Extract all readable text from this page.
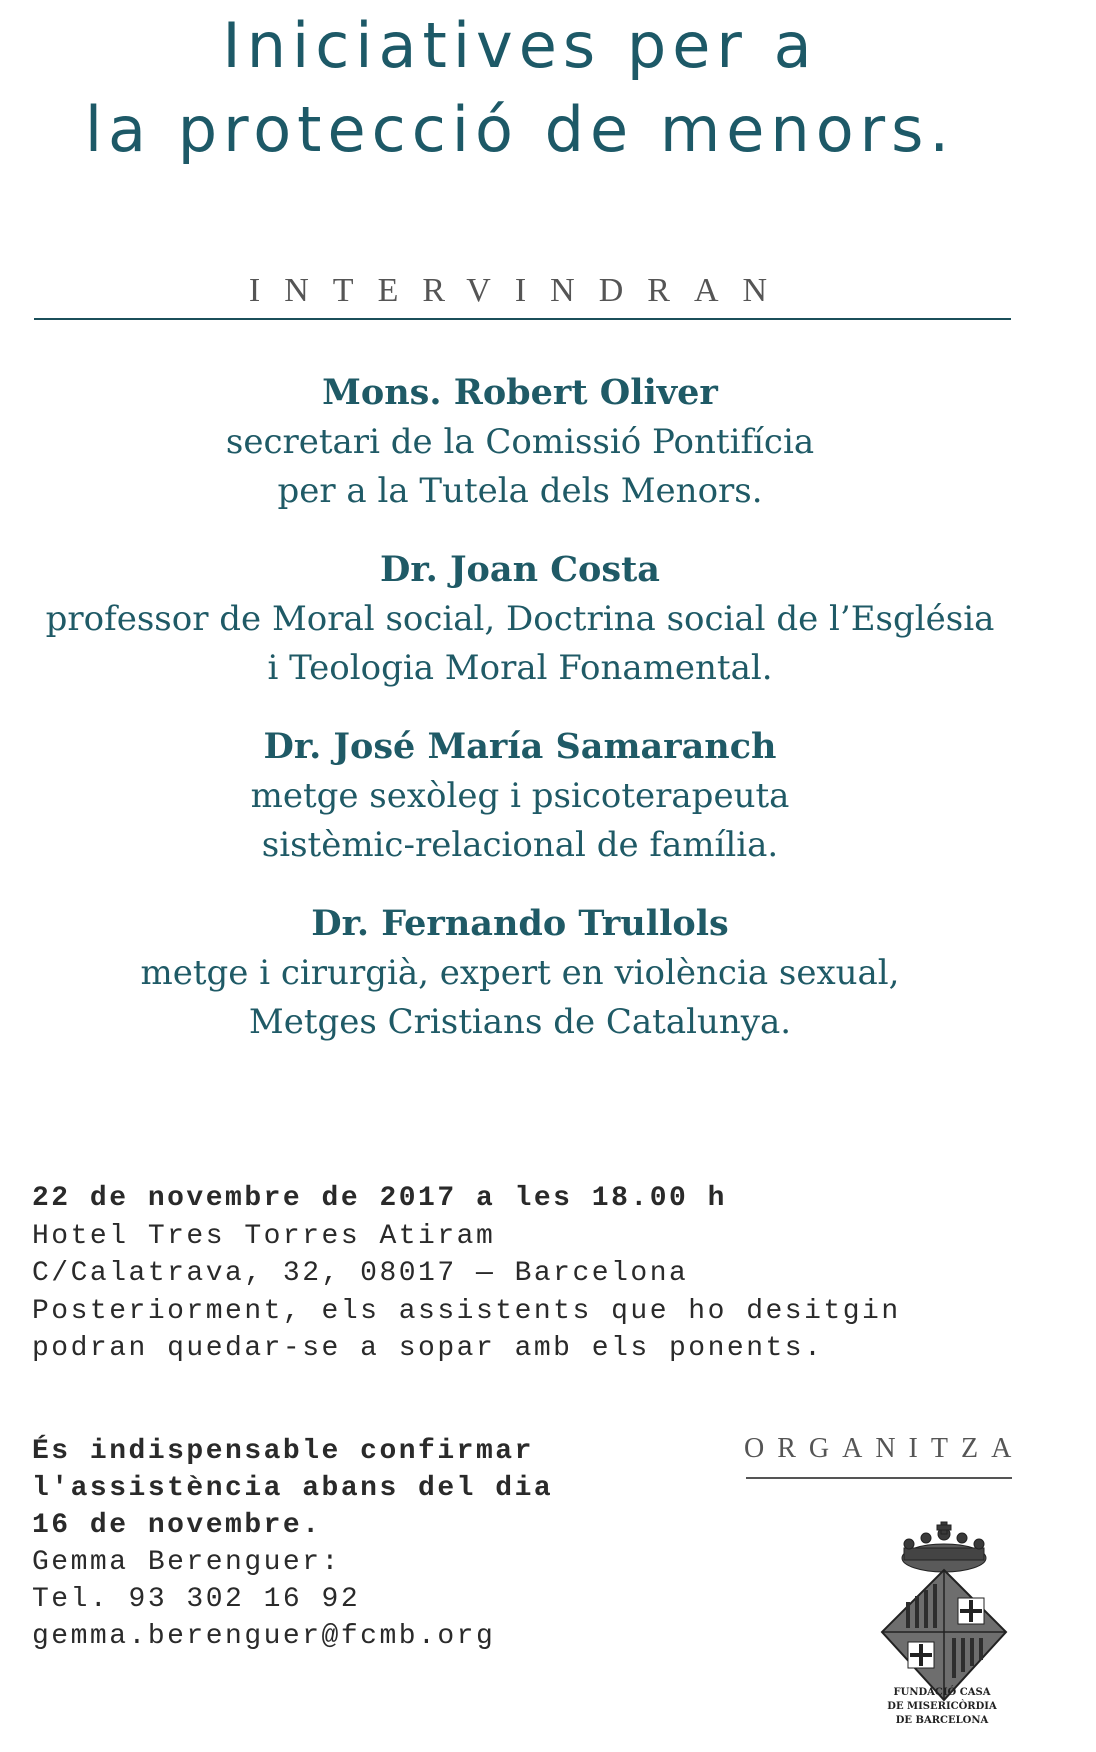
Iniciatives per a
la protecció de menors.
INTERVINDRAN
Mons. Robert Oliver
secretari de la Comissió Pontifícia
per a la Tutela dels Menors.
Dr. Joan Costa
professor de Moral social, Doctrina social de l’Església
i Teologia Moral Fonamental.
Dr. José María Samaranch
metge sexòleg i psicoterapeuta
sistèmic-relacional de família.
Dr. Fernando Trullols
metge i cirurgià, expert en violència sexual,
Metges Cristians de Catalunya.
22 de novembre de 2017 a les 18.00 h
Hotel Tres Torres Atiram
C/Calatrava, 32, 08017 — Barcelona
Posteriorment, els assistents que ho desitgin
podran quedar-se a sopar amb els ponents.
És indispensable confirmar
l'assistència abans del dia
16 de novembre.
Gemma Berenguer:
Tel. 93 302 16 92
gemma.berenguer@fcmb.org
ORGANITZA
FUNDACIÓ CASA
DE MISERICÒRDIA
DE BARCELONA
